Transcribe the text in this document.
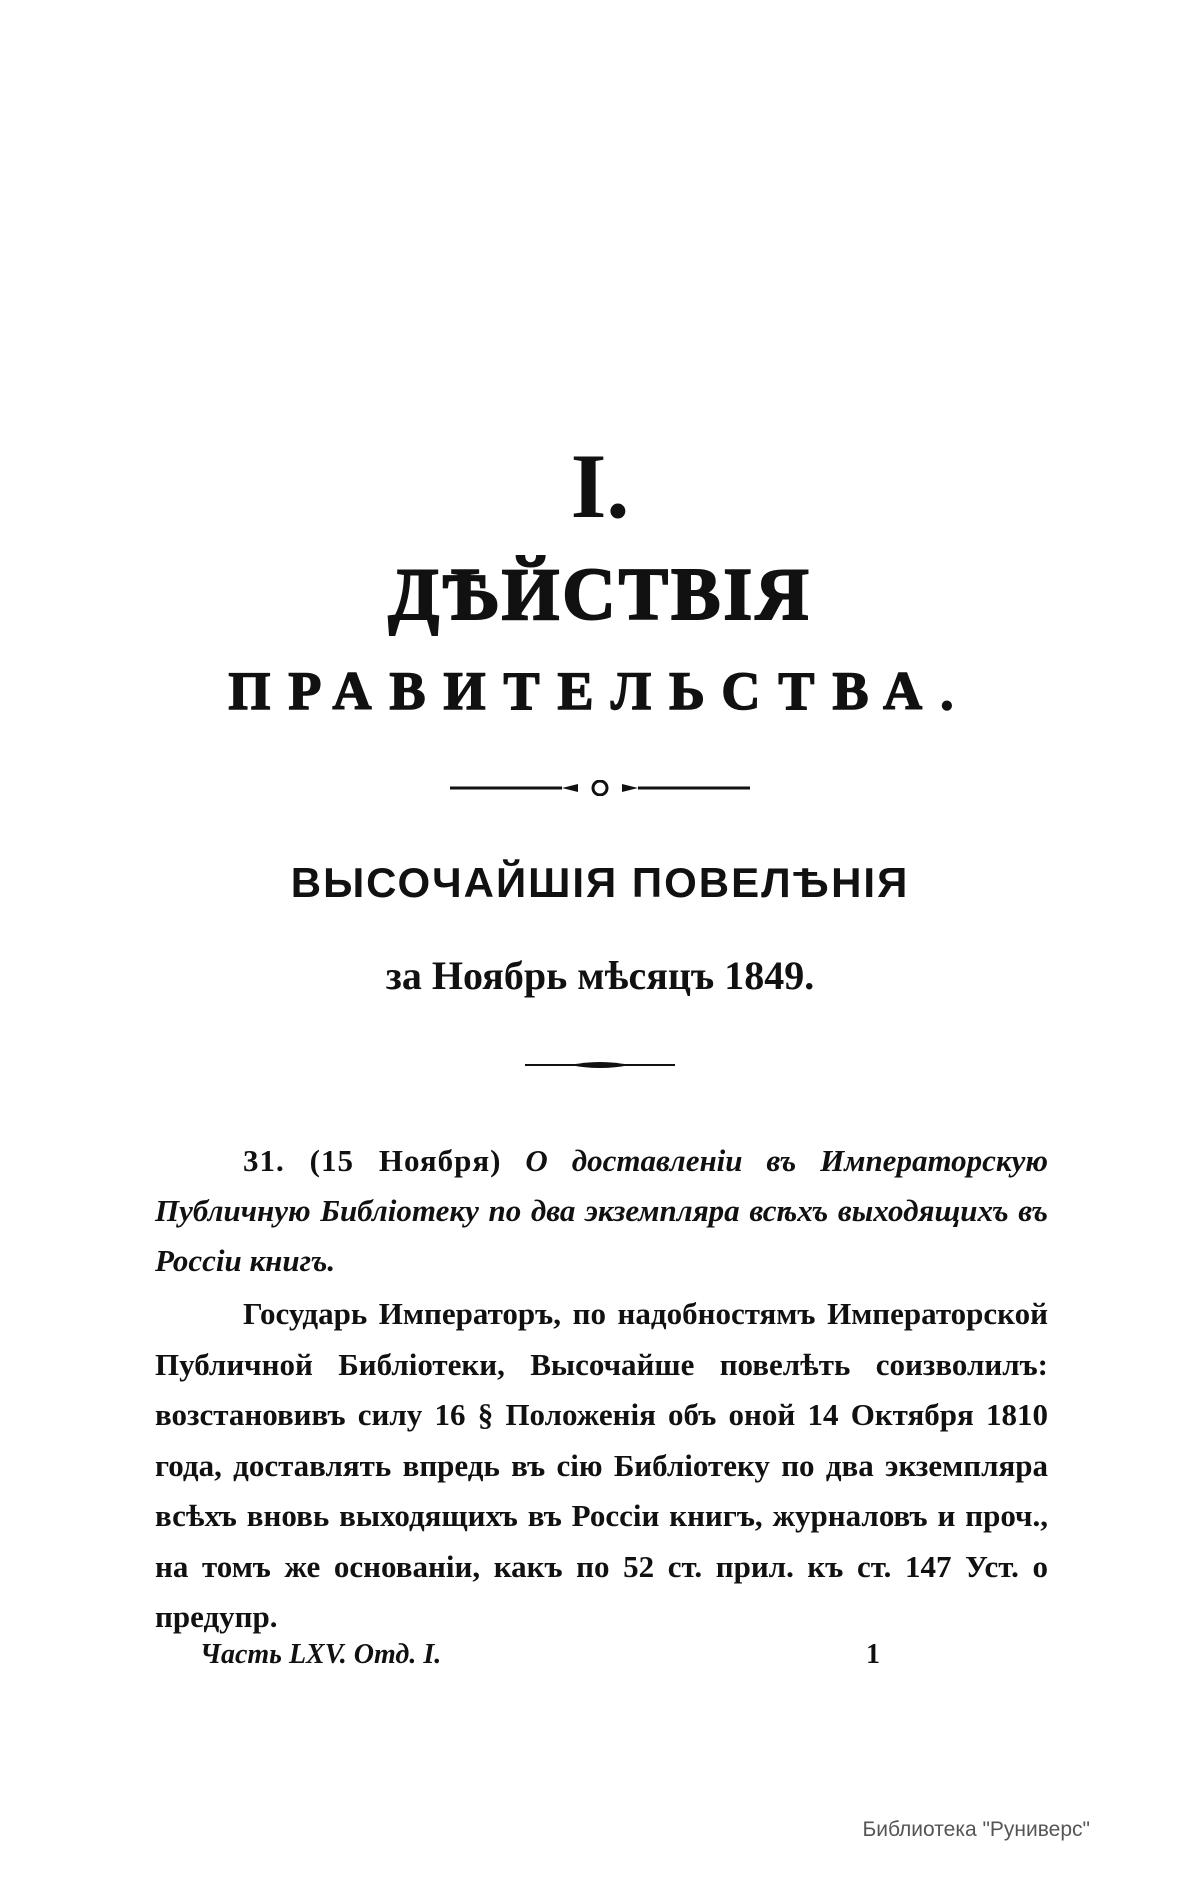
I.
ДѢЙСТВІЯ
ПРАВИТЕЛЬСТВА.
ВЫСОЧАЙШІЯ ПОВЕЛѢНІЯ
за Ноябрь мѣсяцъ 1849.
31. (15 Ноября) О доставленіи въ Императорскую Публичную Библіотеку по два экземпляра всѣхъ выходящихъ въ Россіи книгъ.
Государь Императоръ, по надобностямъ Императорской Публичной Библіотеки, Высочайше повелѣть соизволилъ: возстановивъ силу 16 § Положенія объ оной 14 Октября 1810 года, доставлять впредь въ сію Библіотеку по два экземпляра всѣхъ вновь выходящихъ въ Россіи книгъ, журналовъ и проч., на томъ же основаніи, какъ по 52 ст. прил. къ ст. 147 Уст. о предупр.
Часть LXV. Отд. I.	1
Библиотека "Руниверс"
